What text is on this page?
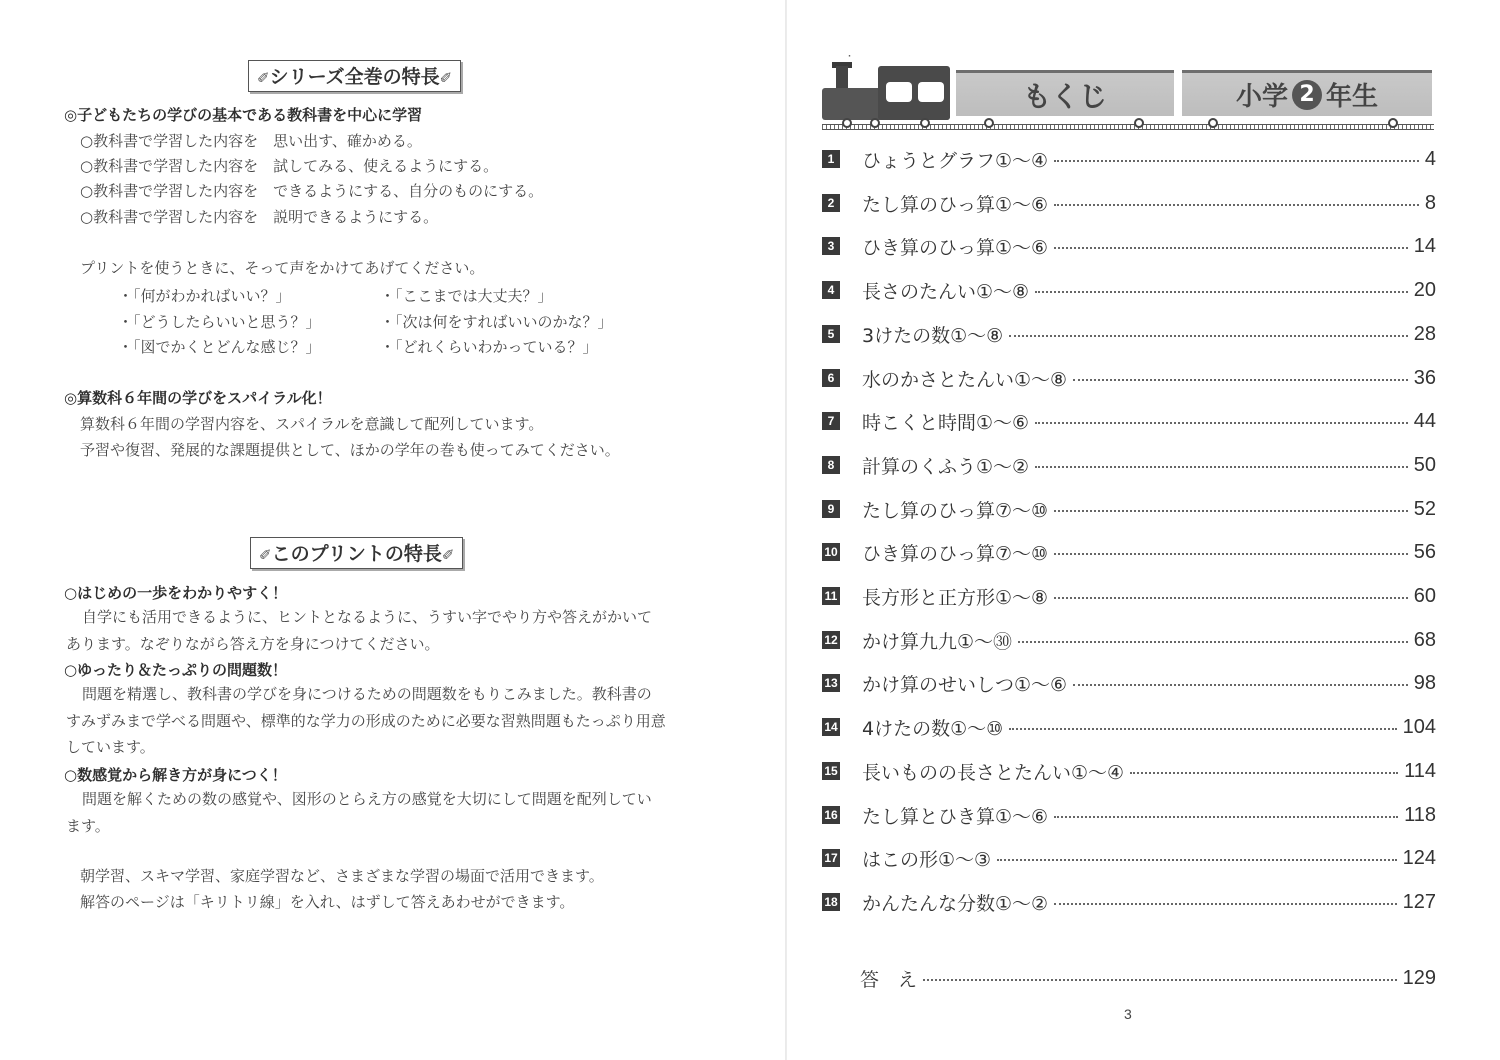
✐シリーズ全巻の特長✐
◎子どもたちの学びの基本である教科書を中心に学習
○教科書で学習した内容を　思い出す、確かめる。
○教科書で学習した内容を　試してみる、使えるようにする。
○教科書で学習した内容を　できるようにする、自分のものにする。
○教科書で学習した内容を　説明できるようにする。
プリントを使うときに、そって声をかけてあげてください。
・「何がわかればいい？」
・「どうしたらいいと思う？」
・「図でかくとどんな感じ？」
・「ここまでは大丈夫？」
・「次は何をすればいいのかな？」
・「どれくらいわかっている？」
◎算数科６年間の学びをスパイラル化！
算数科６年間の学習内容を、スパイラルを意識して配列しています。
予習や復習、発展的な課題提供として、ほかの学年の巻も使ってみてください。
✐このプリントの特長✐
○はじめの一歩をわかりやすく！
自学にも活用できるように、ヒントとなるように、うすい字でやり方や答えがかいてあります。なぞりながら答え方を身につけてください。
○ゆったり＆たっぷりの問題数！
問題を精選し、教科書の学びを身につけるための問題数をもりこみました。教科書のすみずみまで学べる問題や、標準的な学力の形成のために必要な習熟問題もたっぷり用意しています。
○数感覚から解き方が身につく！
問題を解くための数の感覚や、図形のとらえ方の感覚を大切にして問題を配列しています。
朝学習、スキマ学習、家庭学習など、さまざまな学習の場面で活用できます。
解答のページは「キリトリ線」を入れ、はずして答えあわせができます。
˙
もくじ	小学 2 年生
1 ひょうとグラフ①～④	4
2 たし算のひっ算①～⑥	8
3 ひき算のひっ算①～⑥	14
4 長さのたんい①～⑧	20
5 3けたの数①～⑧	28
6 水のかさとたんい①～⑧	36
7 時こくと時間①～⑥	44
8 計算のくふう①～②	50
9 たし算のひっ算⑦～⑩	52
10 ひき算のひっ算⑦～⑩	56
11 長方形と正方形①～⑧	60
12 かけ算九九①～㉚	68
13 かけ算のせいしつ①～⑥	98
14 4けたの数①～⑩	104
15 長いものの長さとたんい①～④	114
16 たし算とひき算①～⑥	118
17 はこの形①～③	124
18 かんたんな分数①～②	127
答　え	129
3
